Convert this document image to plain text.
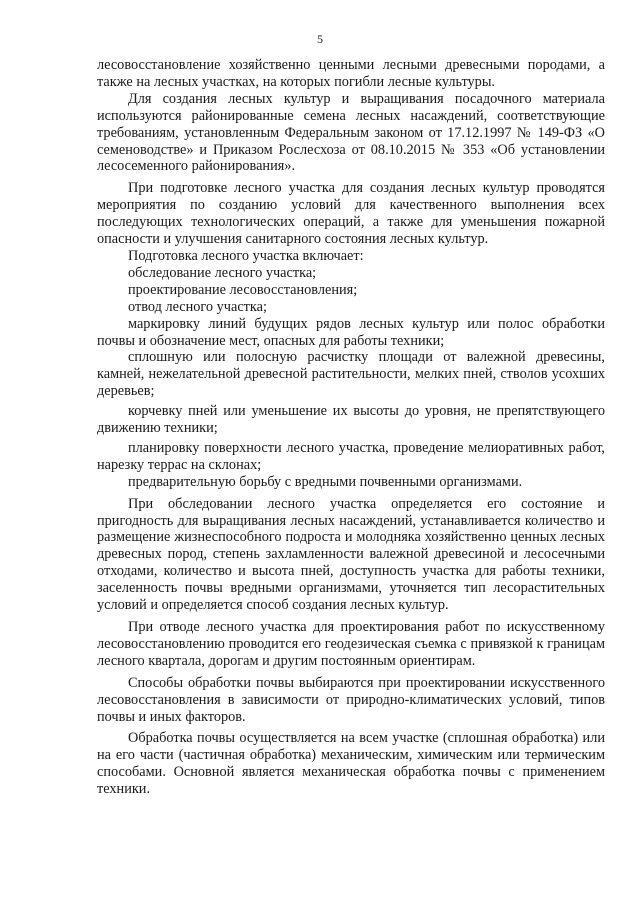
5

лесовосстановление хозяйственно ценными лесными древесными породами, а также на лесных участках, на которых погибли лесные культуры.

Для создания лесных культур и выращивания посадочного материала используются районированные семена лесных насаждений, соответствующие требованиям, установленным Федеральным законом от 17.12.1997 № 149-ФЗ «О семеноводстве» и Приказом Рослесхоза от 08.10.2015 № 353 «Об установлении лесосеменного районирования».

При подготовке лесного участка для создания лесных культур проводятся мероприятия по созданию условий для качественного выполнения всех последующих технологических операций, а также для уменьшения пожарной опасности и улучшения санитарного состояния лесных культур.

Подготовка лесного участка включает:

обследование лесного участка;

проектирование лесовосстановления;

отвод лесного участка;

маркировку линий будущих рядов лесных культур или полос обработки почвы и обозначение мест, опасных для работы техники;

сплошную или полосную расчистку площади от валежной древесины, камней, нежелательной древесной растительности, мелких пней, стволов усохших деревьев;

корчевку пней или уменьшение их высоты до уровня, не препятствующего движению техники;

планировку поверхности лесного участка, проведение мелиоративных работ, нарезку террас на склонах;

предварительную борьбу с вредными почвенными организмами.

При обследовании лесного участка определяется его состояние и пригодность для выращивания лесных насаждений, устанавливается количество и размещение жизнеспособного подроста и молодняка хозяйственно ценных лесных древесных пород, степень захламленности валежной древесиной и лесосечными отходами, количество и высота пней, доступность участка для работы техники, заселенность почвы вредными организмами, уточняется тип лесорастительных условий и определяется способ создания лесных культур.

При отводе лесного участка для проектирования работ по искусственному лесовосстановлению проводится его геодезическая съемка с привязкой к границам лесного квартала, дорогам и другим постоянным ориентирам.

Способы обработки почвы выбираются при проектировании искусственного лесовосстановления в зависимости от природно-климатических условий, типов почвы и иных факторов.

Обработка почвы осуществляется на всем участке (сплошная обработка) или на его части (частичная обработка) механическим, химическим или термическим способами. Основной является механическая обработка почвы с применением техники.
